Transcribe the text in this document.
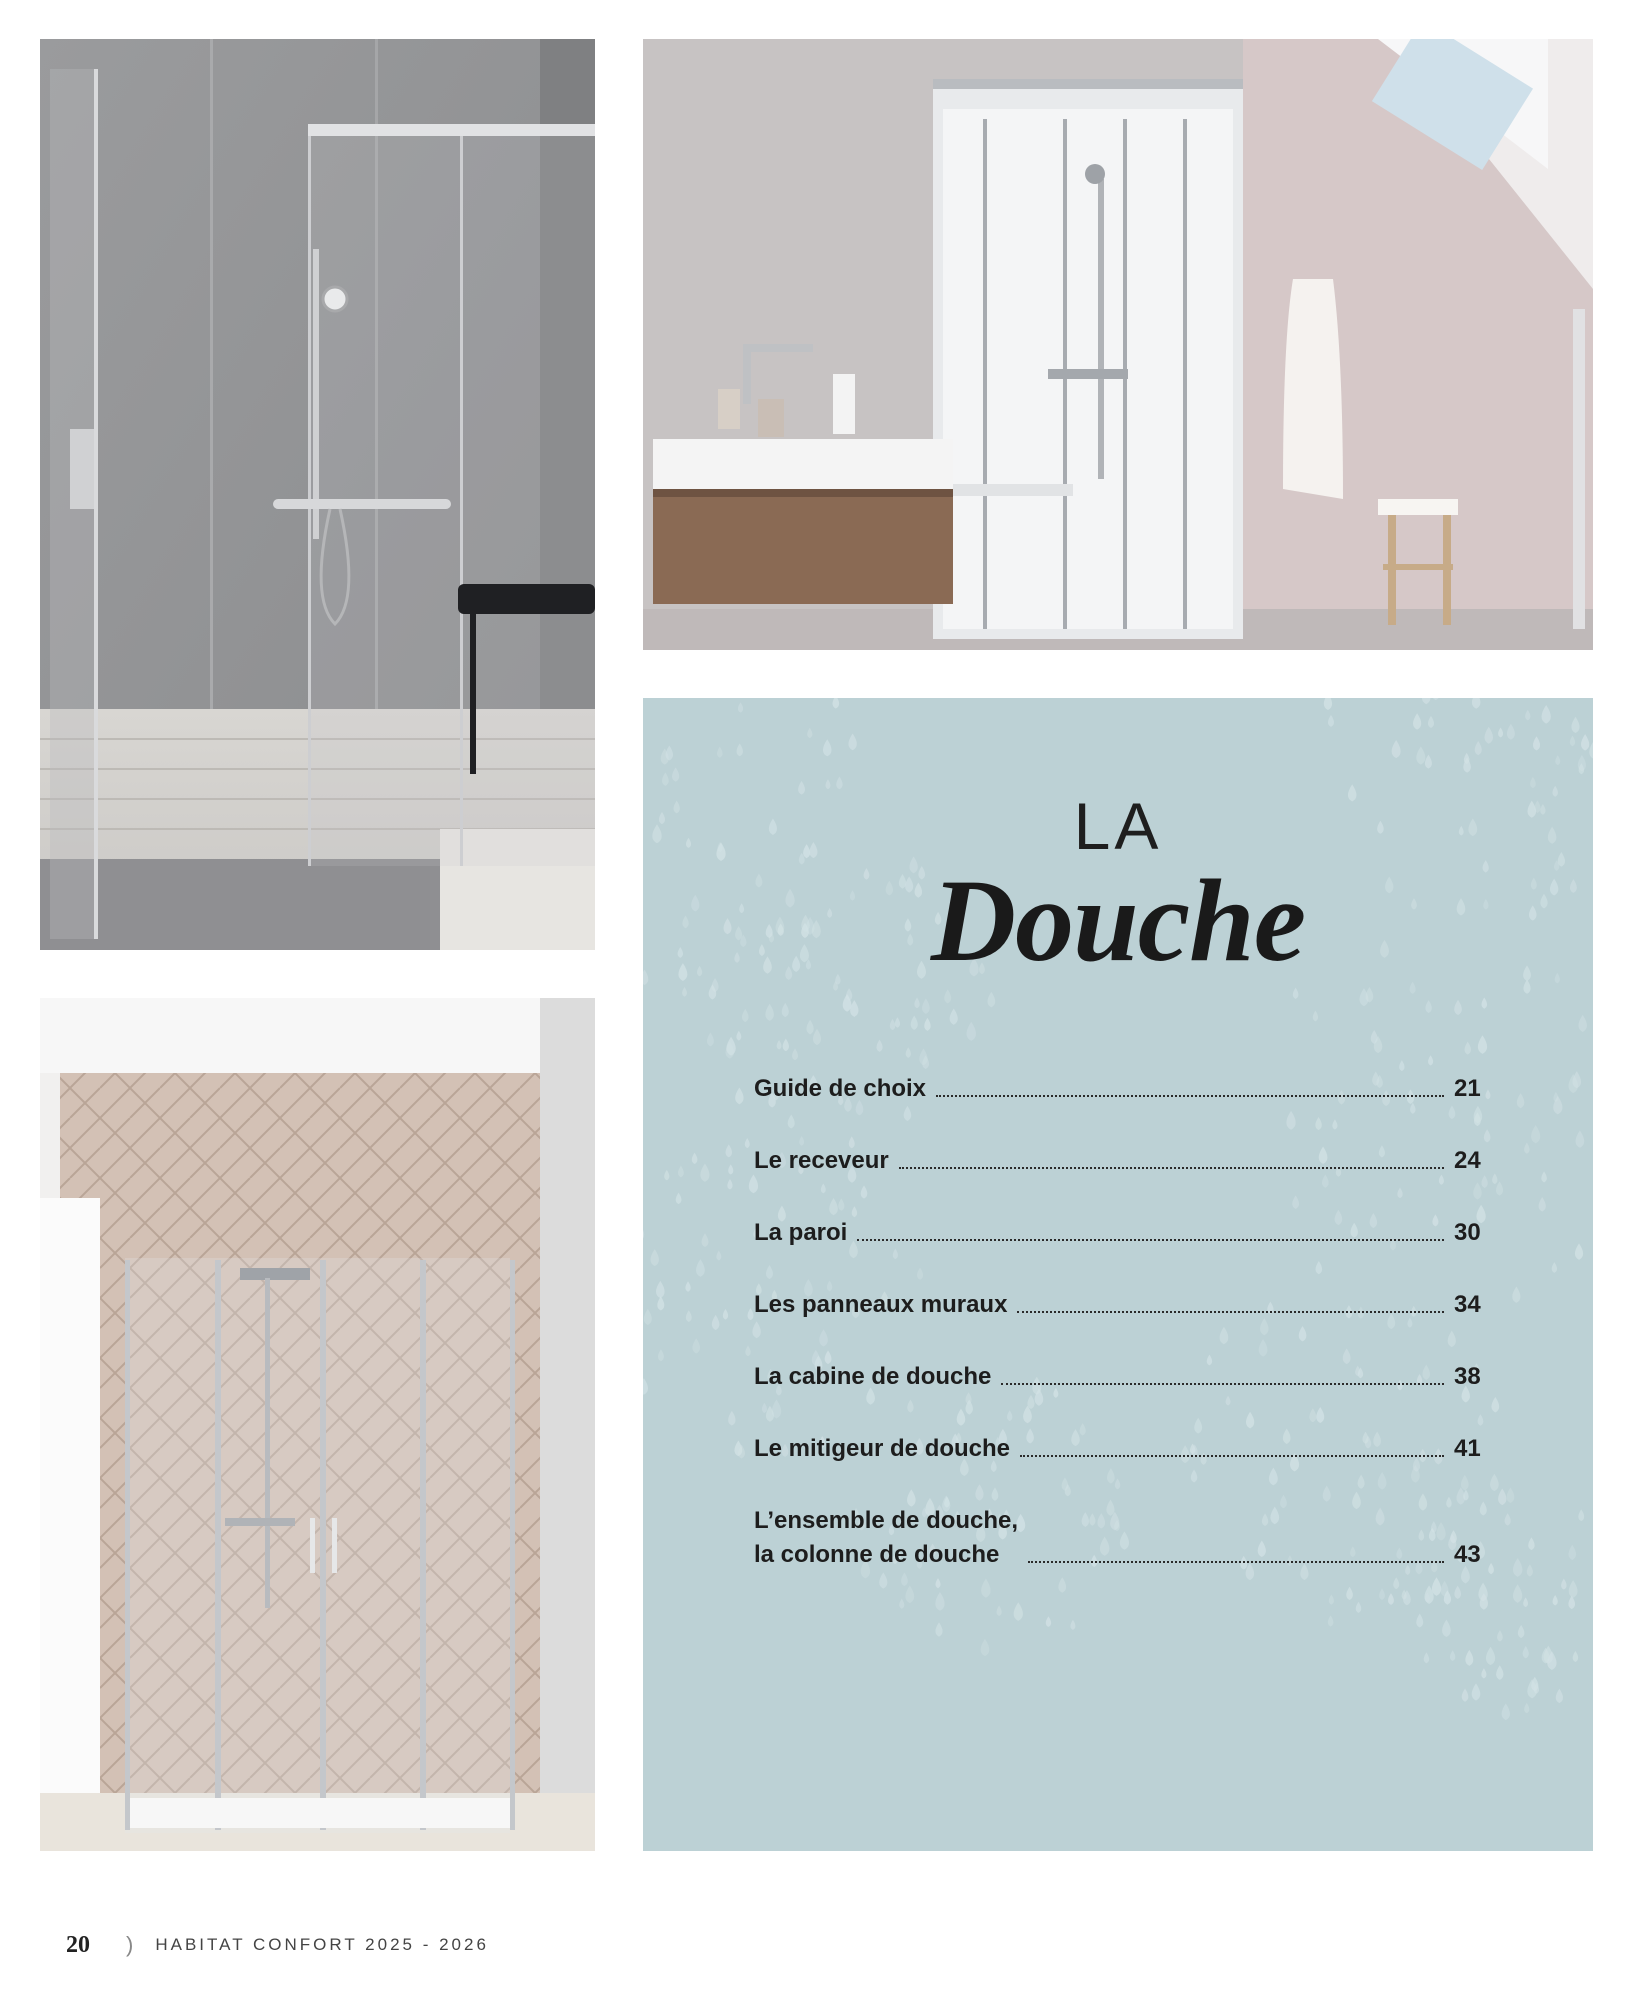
LA
Douche
Guide de choix	21
Le receveur	24
La paroi	30
Les panneaux muraux	34
La cabine de douche	38
Le mitigeur de douche	41
L’ensemble de douche,
la colonne de douche	43
20 ) HABITAT CONFORT 2025 - 2026
